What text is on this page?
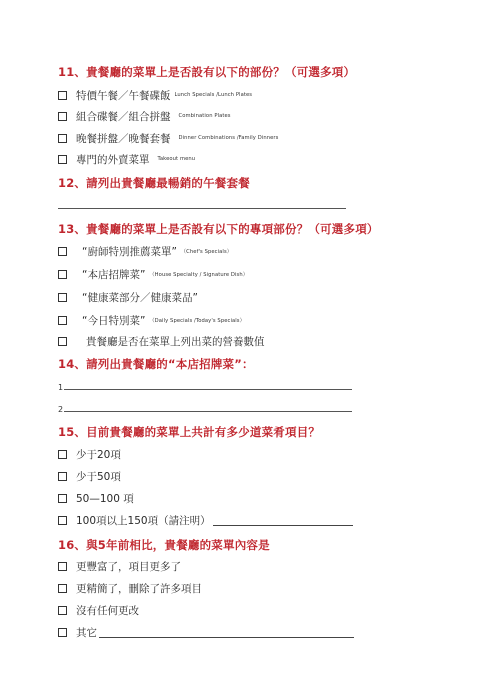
11、貴餐廳的菜單上是否設有以下的部份？（可選多項）
特價午餐／午餐碟飯 Lunch Specials /Lunch Plates
組合碟餐／組合拼盤 Combination Plates
晚餐拼盤／晚餐套餐 Dinner Combinations /Family Dinners
專門的外賣菜單 Takeout menu
12、請列出貴餐廳最暢銷的午餐套餐
13、貴餐廳的菜單上是否設有以下的專項部份？（可選多項）
“廚師特別推薦菜單” （Chef's Specials）
“本店招牌菜” （House Specialty / Signature Dish）
“健康菜部分／健康菜品”
“今日特別菜” （Daily Specials /Today's Specials）
貴餐廳是否在菜單上列出菜的營養數值
14、請列出貴餐廳的“本店招牌菜”：
1
2
15、目前貴餐廳的菜單上共計有多少道菜肴項目？
少于20項
少于50項
50—100 項
100項以上150項（請注明）
16、與5年前相比，貴餐廳的菜單內容是
更豐富了，項目更多了
更精簡了，刪除了許多項目
沒有任何更改
其它
